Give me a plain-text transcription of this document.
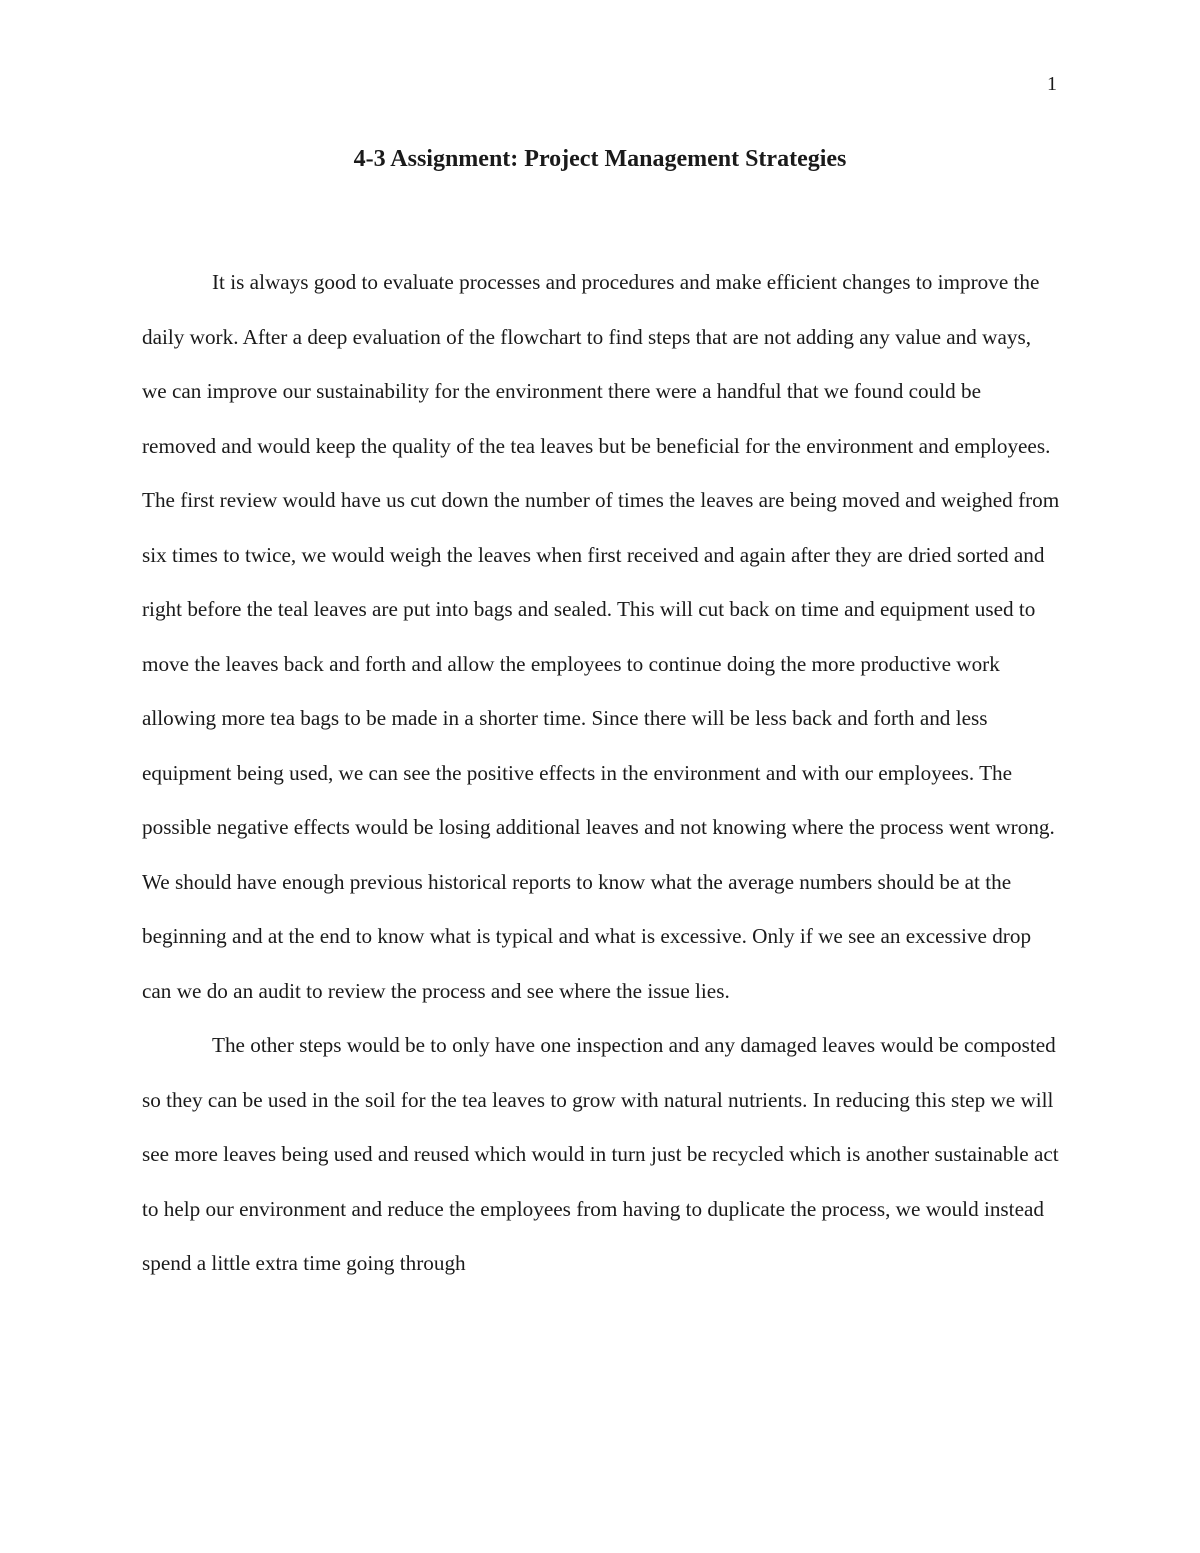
1
4-3 Assignment: Project Management Strategies

It is always good to evaluate processes and procedures and make efficient changes to improve the daily work. After a deep evaluation of the flowchart to find steps that are not adding any value and ways, we can improve our sustainability for the environment there were a handful that we found could be removed and would keep the quality of the tea leaves but be beneficial for the environment and employees. The first review would have us cut down the number of times the leaves are being moved and weighed from six times to twice, we would weigh the leaves when first received and again after they are dried sorted and right before the teal leaves are put into bags and sealed. This will cut back on time and equipment used to move the leaves back and forth and allow the employees to continue doing the more productive work allowing more tea bags to be made in a shorter time. Since there will be less back and forth and less equipment being used, we can see the positive effects in the environment and with our employees. The possible negative effects would be losing additional leaves and not knowing where the process went wrong. We should have enough previous historical reports to know what the average numbers should be at the beginning and at the end to know what is typical and what is excessive. Only if we see an excessive drop can we do an audit to review the process and see where the issue lies.

The other steps would be to only have one inspection and any damaged leaves would be composted so they can be used in the soil for the tea leaves to grow with natural nutrients. In reducing this step we will see more leaves being used and reused which would in turn just be recycled which is another sustainable act to help our environment and reduce the employees from having to duplicate the process, we would instead spend a little extra time going through
